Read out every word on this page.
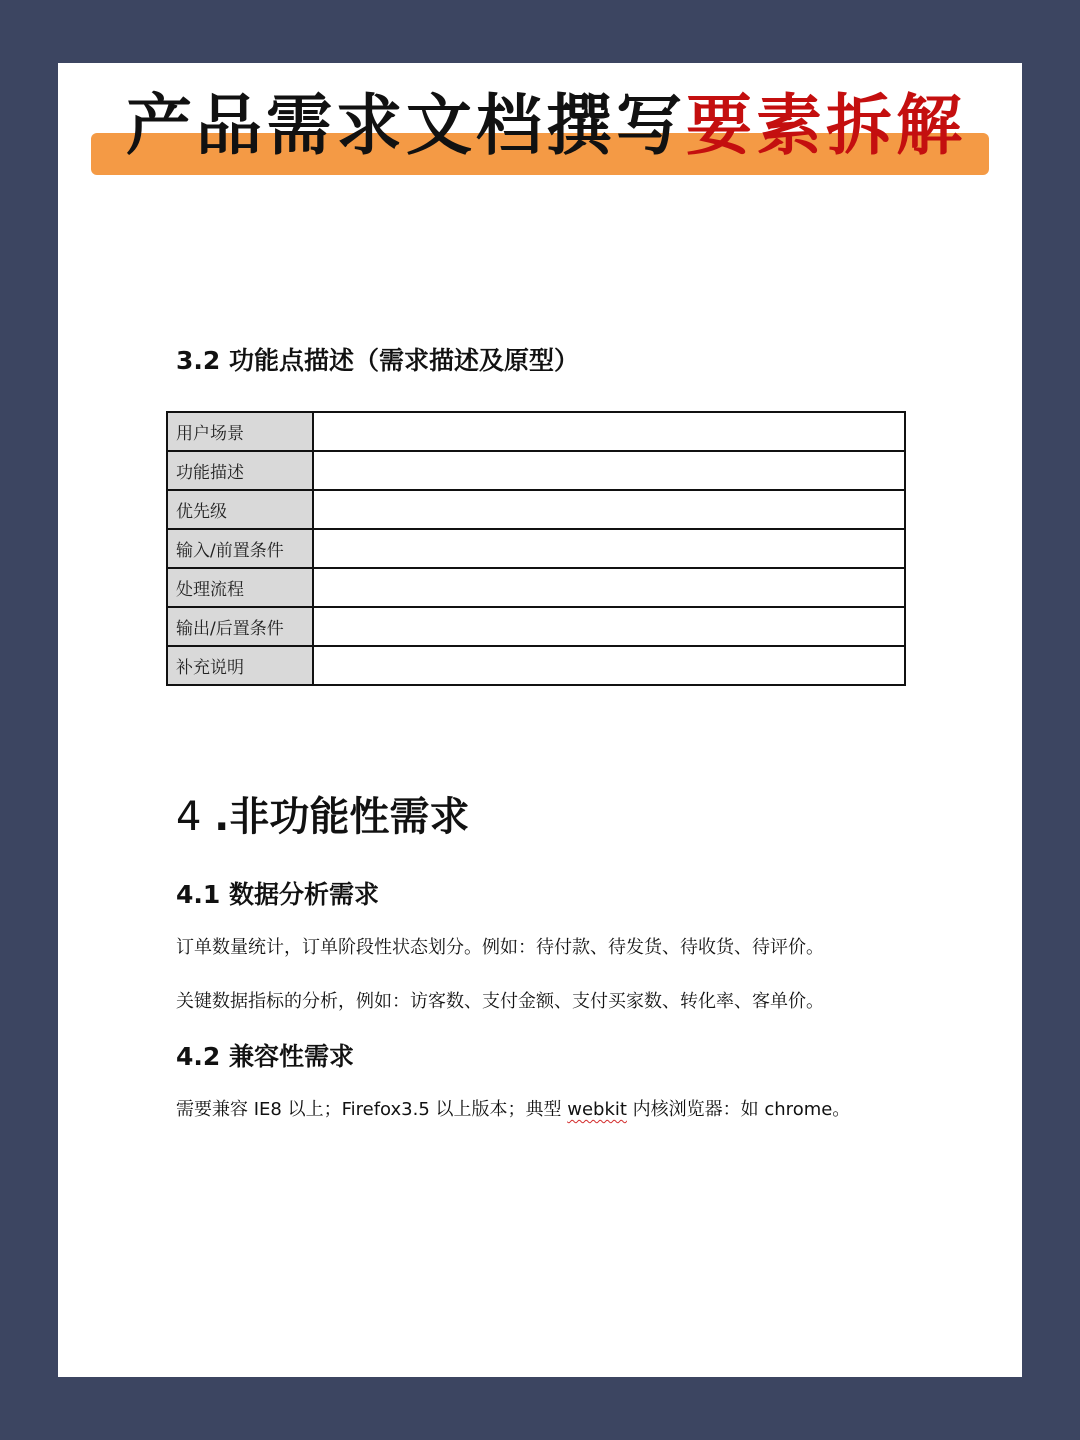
产品需求文档撰写要素拆解
3.2 功能点描述（需求描述及原型）
用户场景	
功能描述	
优先级	
输入/前置条件	
处理流程	
输出/后置条件	
补充说明	
4 .非功能性需求
4.1 数据分析需求

订单数量统计，订单阶段性状态划分。例如：待付款、待发货、待收货、待评价。

关键数据指标的分析，例如：访客数、支付金额、支付买家数、转化率、客单价。

4.2 兼容性需求

需要兼容 IE8 以上；Firefox3.5 以上版本；典型 webkit 内核浏览器：如 chrome。
